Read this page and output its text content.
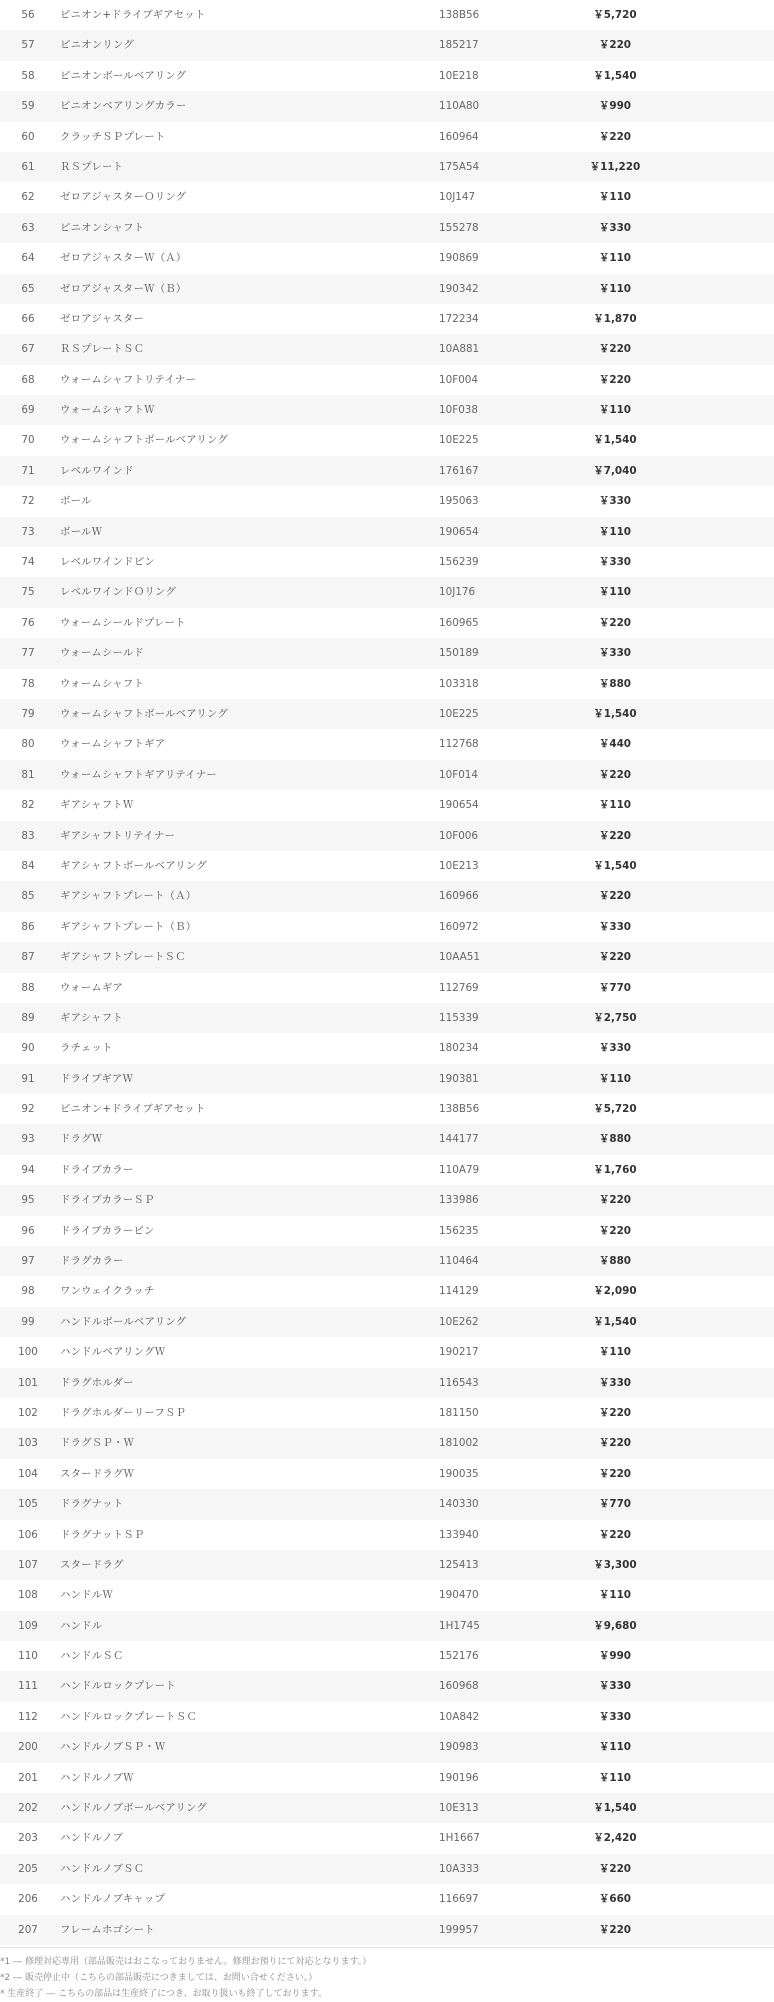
56	ピニオン+ドライブギアセット	138B56	￥5,720
57	ピニオンリング	185217	￥220
58	ピニオンボールベアリング	10E218	￥1,540
59	ピニオンベアリングカラー	110A80	￥990
60	クラッチＳＰプレート	160964	￥220
61	ＲＳプレート	175A54	￥11,220
62	ゼロアジャスターＯリング	10J147	￥110
63	ピニオンシャフト	155278	￥330
64	ゼロアジャスターＷ（Ａ）	190869	￥110
65	ゼロアジャスターＷ（Ｂ）	190342	￥110
66	ゼロアジャスター	172234	￥1,870
67	ＲＳプレートＳＣ	10A881	￥220
68	ウォームシャフトリテイナー	10F004	￥220
69	ウォームシャフトＷ	10F038	￥110
70	ウォームシャフトボールベアリング	10E225	￥1,540
71	レベルワインド	176167	￥7,040
72	ボール	195063	￥330
73	ボールＷ	190654	￥110
74	レベルワインドピン	156239	￥330
75	レベルワインドＯリング	10J176	￥110
76	ウォームシールドプレート	160965	￥220
77	ウォームシールド	150189	￥330
78	ウォームシャフト	103318	￥880
79	ウォームシャフトボールベアリング	10E225	￥1,540
80	ウォームシャフトギア	112768	￥440
81	ウォームシャフトギアリテイナー	10F014	￥220
82	ギアシャフトＷ	190654	￥110
83	ギアシャフトリテイナー	10F006	￥220
84	ギアシャフトボールベアリング	10E213	￥1,540
85	ギアシャフトプレート（Ａ）	160966	￥220
86	ギアシャフトプレート（Ｂ）	160972	￥330
87	ギアシャフトプレートＳＣ	10AA51	￥220
88	ウォームギア	112769	￥770
89	ギアシャフト	115339	￥2,750
90	ラチェット	180234	￥330
91	ドライブギアＷ	190381	￥110
92	ピニオン+ドライブギアセット	138B56	￥5,720
93	ドラグＷ	144177	￥880
94	ドライブカラー	110A79	￥1,760
95	ドライブカラーＳＰ	133986	￥220
96	ドライブカラーピン	156235	￥220
97	ドラグカラー	110464	￥880
98	ワンウェイクラッチ	114129	￥2,090
99	ハンドルボールベアリング	10E262	￥1,540
100	ハンドルベアリングＷ	190217	￥110
101	ドラグホルダー	116543	￥330
102	ドラグホルダーリーフＳＰ	181150	￥220
103	ドラグＳＰ・Ｗ	181002	￥220
104	スタードラグＷ	190035	￥220
105	ドラグナット	140330	￥770
106	ドラグナットＳＰ	133940	￥220
107	スタードラグ	125413	￥3,300
108	ハンドルＷ	190470	￥110
109	ハンドル	1H1745	￥9,680
110	ハンドルＳＣ	152176	￥990
111	ハンドルロックプレート	160968	￥330
112	ハンドルロックプレートＳＣ	10A842	￥330
200	ハンドルノブＳＰ・Ｗ	190983	￥110
201	ハンドルノブＷ	190196	￥110
202	ハンドルノブボールベアリング	10E313	￥1,540
203	ハンドルノブ	1H1667	￥2,420
205	ハンドルノブＳＣ	10A333	￥220
206	ハンドルノブキャップ	116697	￥660
207	フレームホゴシート	199957	￥220
*1 ― 修理対応専用（部品販売はおこなっておりません。修理お預りにて対応となります。）
*2 ― 販売停止中（こちらの部品販売につきましては、お問い合せください。）
* 生産終了 ― こちらの部品は生産終了につき、お取り扱いも終了しております。
